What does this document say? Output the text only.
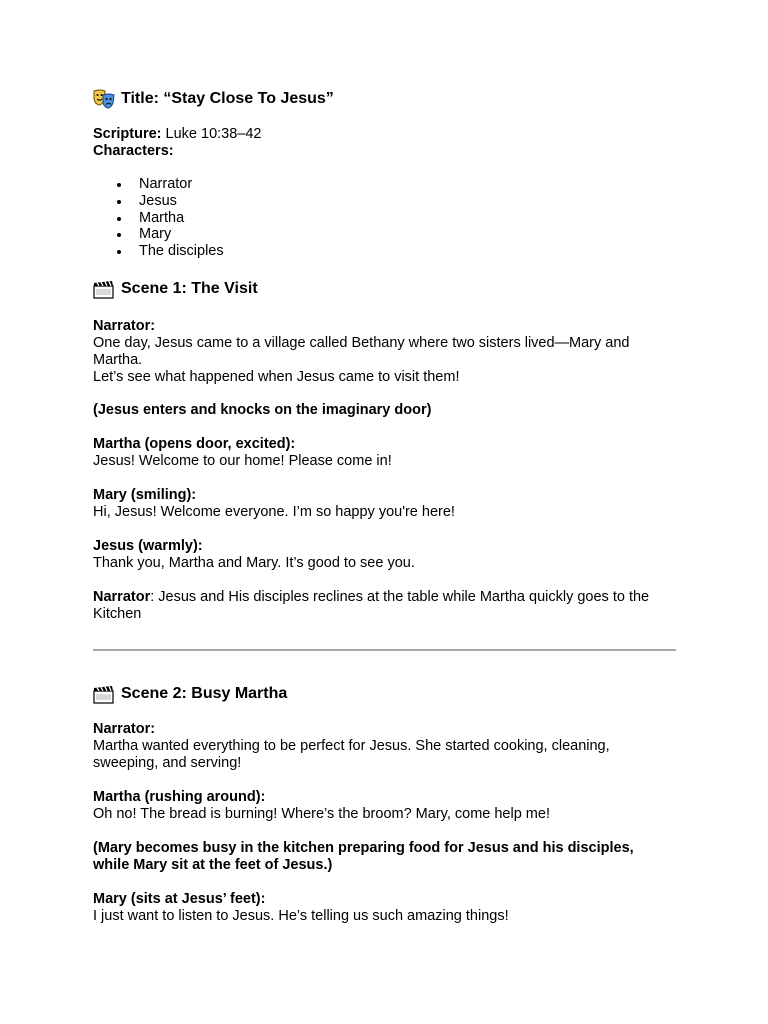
Title: “Stay Close To Jesus”

Scripture: Luke 10:38–42

Characters:

Narrator
Jesus
Martha
Mary
The disciples
Scene 1: The Visit

Narrator:

One day, Jesus came to a village called Bethany where two sisters lived—Mary and Martha.

Let’s see what happened when Jesus came to visit them!

(Jesus enters and knocks on the imaginary door)

Martha (opens door, excited):

Jesus! Welcome to our home! Please come in!

Mary (smiling):

Hi, Jesus! Welcome everyone. I’m so happy you're here!

Jesus (warmly):

Thank you, Martha and Mary. It’s good to see you.

Narrator: Jesus and His disciples reclines at the table while Martha quickly goes to the Kitchen

Scene 2: Busy Martha

Narrator:

Martha wanted everything to be perfect for Jesus. She started cooking, cleaning, sweeping, and serving!

Martha (rushing around):

Oh no! The bread is burning! Where’s the broom? Mary, come help me!

(Mary becomes busy in the kitchen preparing food for Jesus and his disciples, while Mary sit at the feet of Jesus.)

Mary (sits at Jesus’ feet):

I just want to listen to Jesus. He’s telling us such amazing things!
